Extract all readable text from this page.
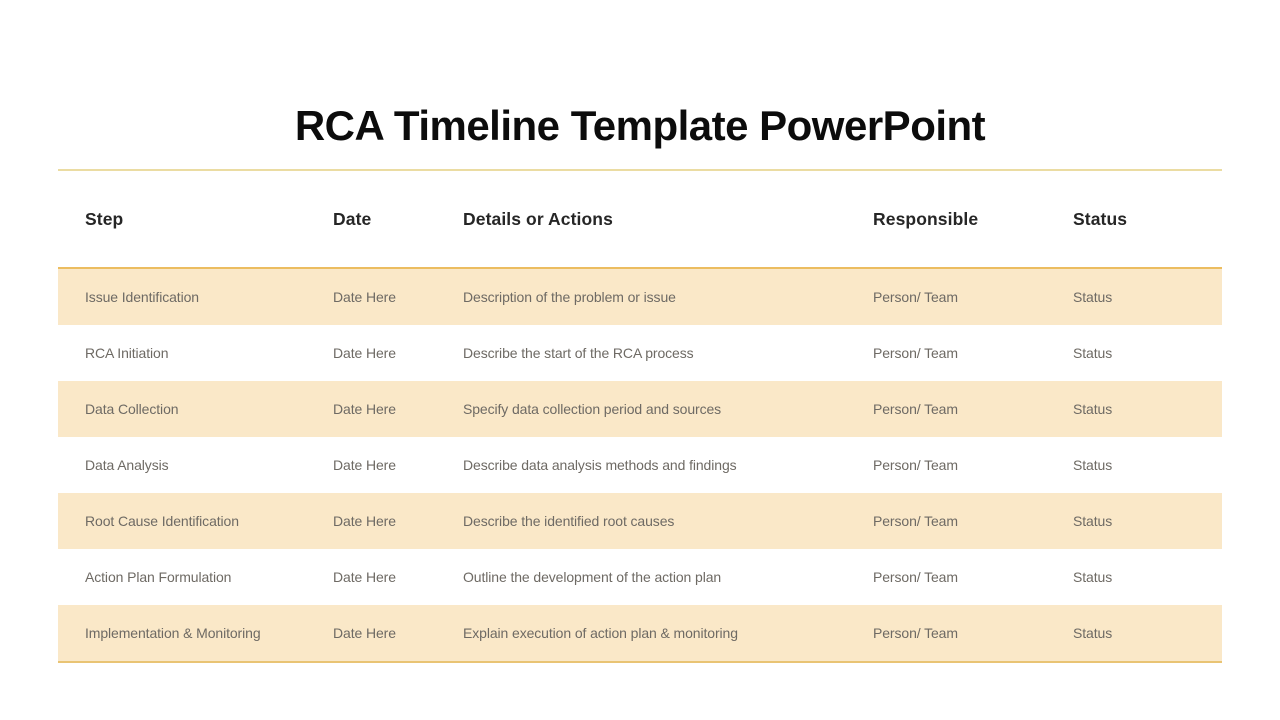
RCA Timeline Template PowerPoint
Step	Date	Details or Actions	Responsible	Status
Issue Identification	Date Here	Description of the problem or issue	Person/ Team	Status
RCA Initiation	Date Here	Describe the start of the RCA process	Person/ Team	Status
Data Collection	Date Here	Specify data collection period and sources	Person/ Team	Status
Data Analysis	Date Here	Describe data analysis methods and findings	Person/ Team	Status
Root Cause Identification	Date Here	Describe the identified root causes	Person/ Team	Status
Action Plan Formulation	Date Here	Outline the development of the action plan	Person/ Team	Status
Implementation & Monitoring	Date Here	Explain execution of action plan & monitoring	Person/ Team	Status
